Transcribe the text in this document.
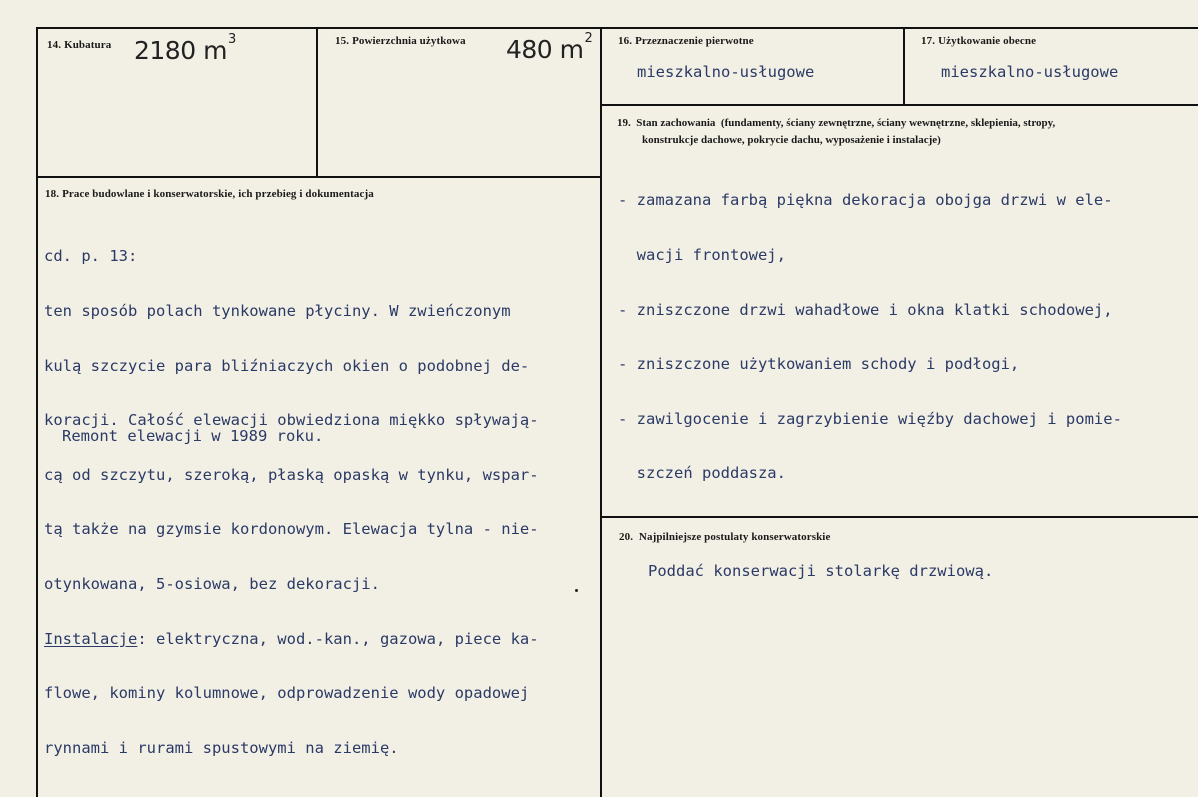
14. Kubatura 2180 $m^3$	15. Powierzchnia użytkowa 480 $m^2$ 16. Przeznaczenie pierwotne
mieszkalno-usługowe
17. Użytkowanie obecne
mieszkalno-usługowe
18. Prace budowlane i konserwatorskie, ich przebieg i dokumentacja

cd. p. 13:

ten sposób polach tynkowane płyciny. W zwieńczonym

kulą szczycie para bliźniaczych okien o podobnej de-

koracji. Całość elewacji obwiedziona miękko spływają-

cą od szczytu, szeroką, płaską opaską w tynku, wspar-

tą także na gzymsie kordonowym. Elewacja tylna - nie-

otynkowana, 5-osiowa, bez dekoracji.

Instalacje: elektryczna, wod.-kan., gazowa, piece ka-

flowe, kominy kolumnowe, odprowadzenie wody opadowej

rynnami i rurami spustowymi na ziemię.

Remont elewacji w 1989 roku.
19. Stan zachowania (fundamenty, ściany zewnętrzne, ściany wewnętrzne, sklepienia, stropy,
konstrukcje dachowe, pokrycie dachu, wyposażenie i instalacje)

- zamazana farbą piękna dekoracja obojga drzwi w ele-

wacji frontowej,

- zniszczone drzwi wahadłowe i okna klatki schodowej,

- zniszczone użytkowaniem schody i podłogi,

- zawilgocenie i zagrzybienie więźby dachowej i pomie-

szczeń poddasza.

20. Najpilniejsze postulaty konserwatorskie
Poddać konserwacji stolarkę drzwiową.
